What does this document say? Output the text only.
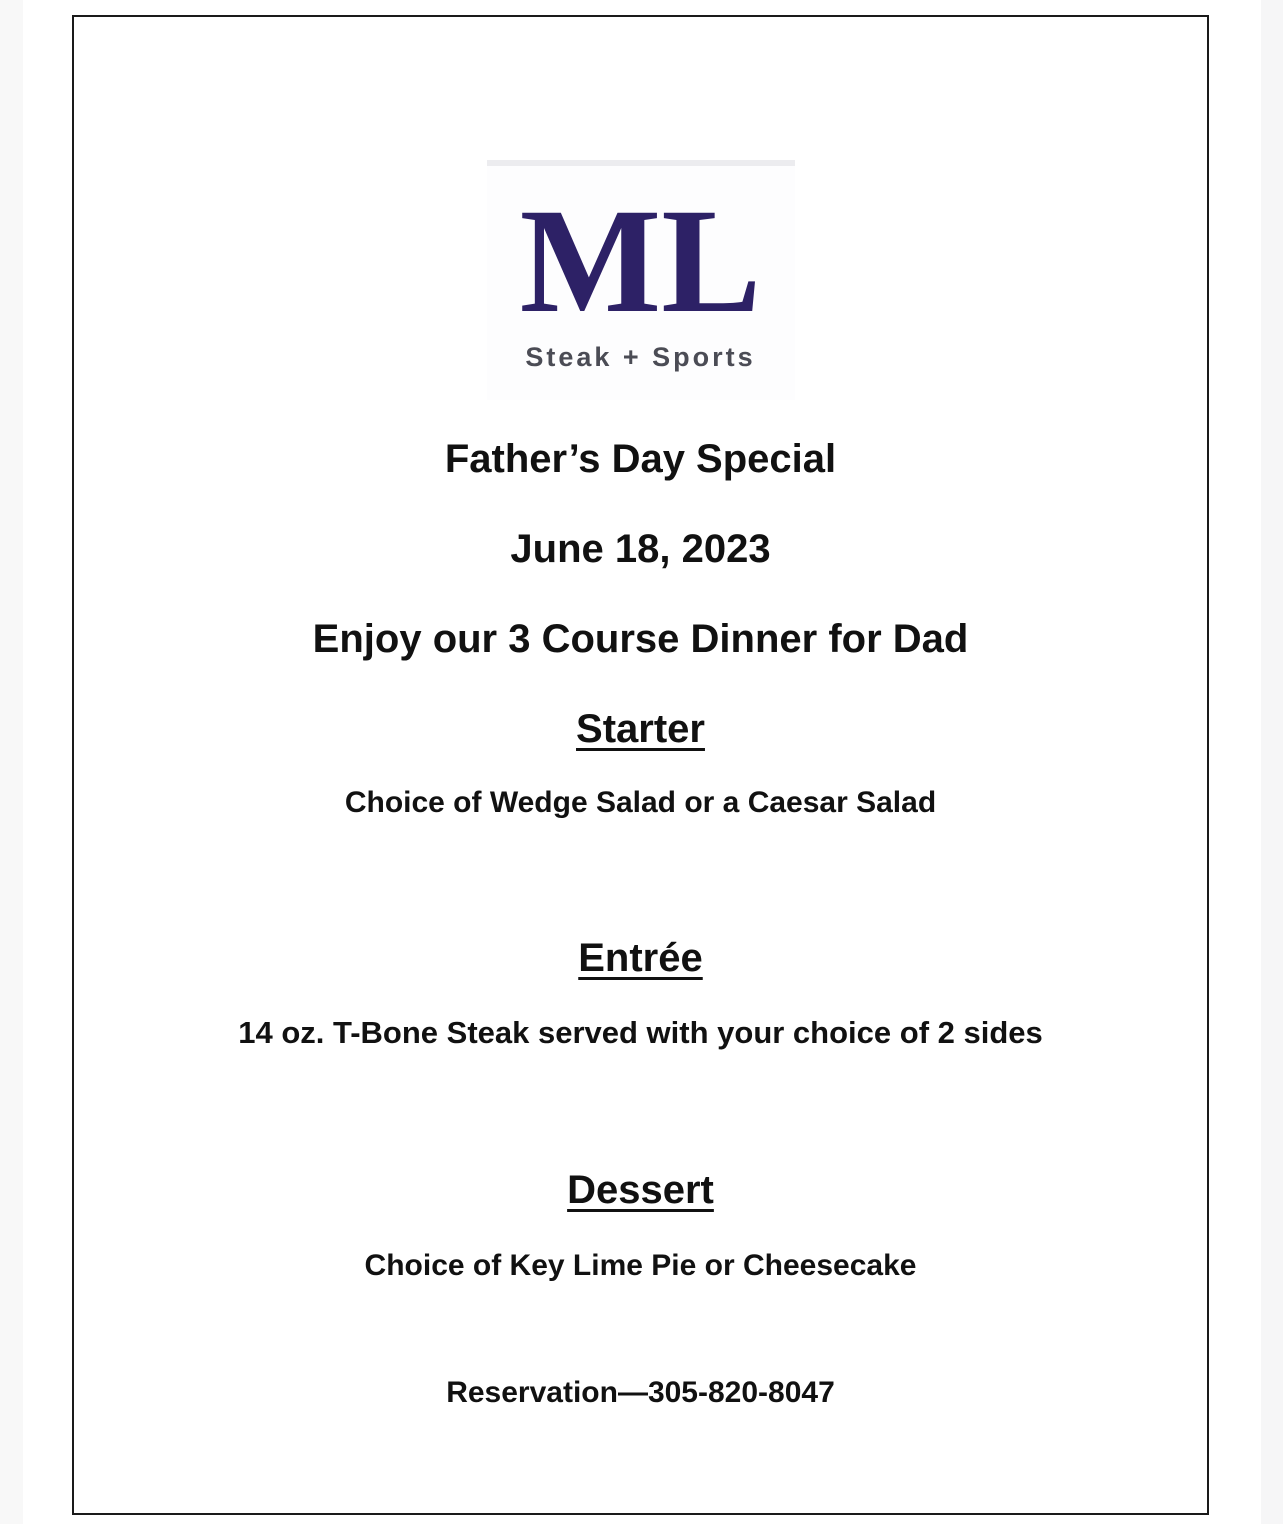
ML
Steak + Sports
Father’s Day Special
June 18, 2023
Enjoy our 3 Course Dinner for Dad
Starter
Choice of Wedge Salad or a Caesar Salad
Entrée
14 oz. T-Bone Steak served with your choice of 2 sides
Dessert
Choice of Key Lime Pie or Cheesecake
Reservation—305-820-8047
